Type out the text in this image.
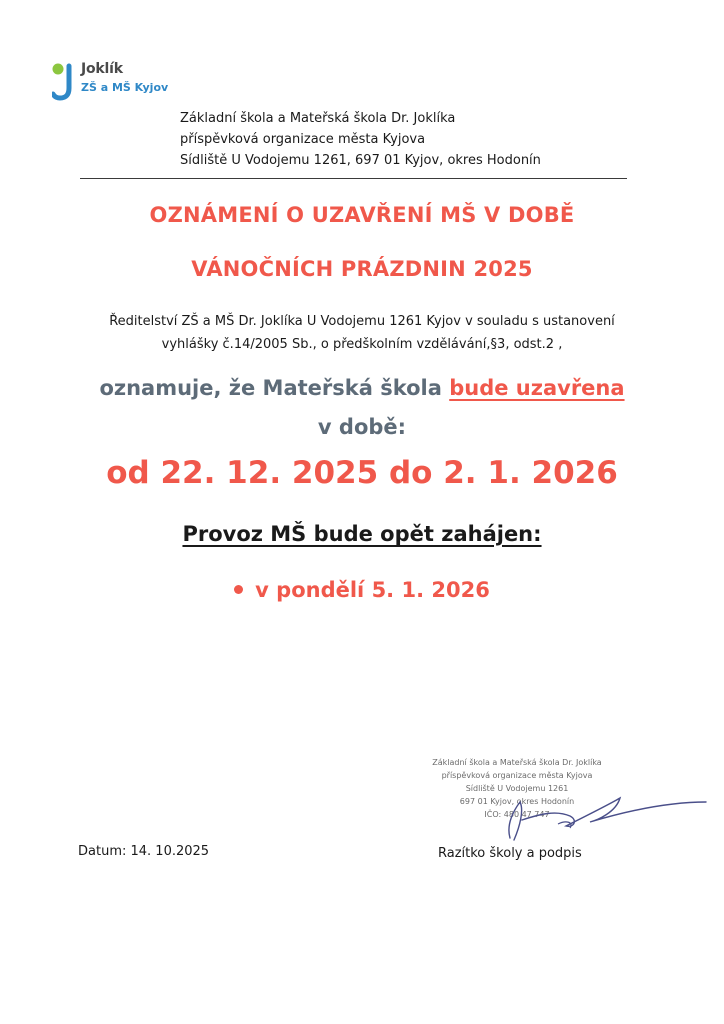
Joklík
ZŠ a MŠ Kyjov
Základní škola a Mateřská škola Dr. Joklíka
příspěvková organizace města Kyjova
Sídliště U Vodojemu 1261, 697 01 Kyjov, okres Hodonín
OZNÁMENÍ O UZAVŘENÍ MŠ V DOBĚ
VÁNOČNÍCH PRÁZDNIN 2025
Ředitelství ZŠ a MŠ Dr. Joklíka U Vodojemu 1261 Kyjov v souladu s ustanovení
vyhlášky č.14/2005 Sb., o předškolním vzdělávání,§3, odst.2 ,
oznamuje, že Mateřská škola bude uzavřena
v době:
od 22. 12. 2025 do 2. 1. 2026
Provoz MŠ bude opět zahájen:
v pondělí 5. 1. 2026
Základní škola a Mateřská škola Dr. Joklíka
příspěvková organizace města Kyjova
Sídliště U Vodojemu 1261
697 01 Kyjov, okres Hodonín
IČO: 480 47 747
Datum: 14. 10.2025	Razítko školy a podpis
